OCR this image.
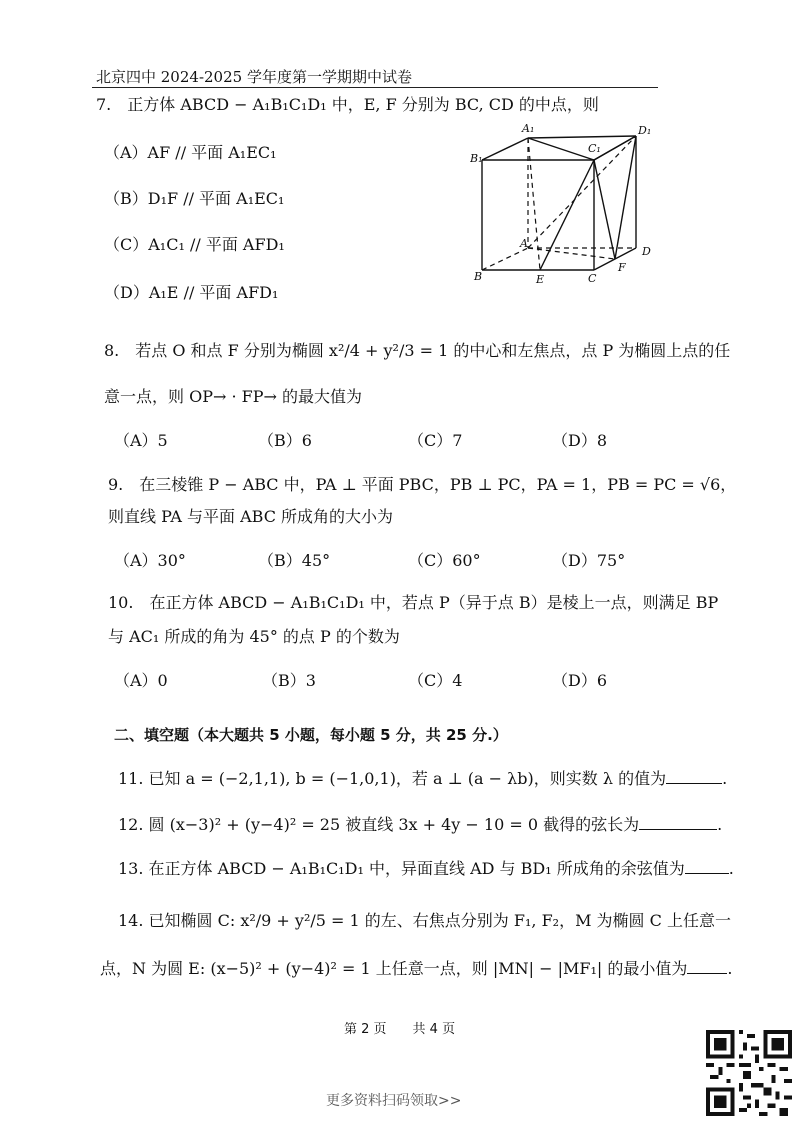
北京四中 2024-2025 学年度第一学期期中试卷
7.　正方体 ABCD − A₁B₁C₁D₁ 中，E, F 分别为 BC, CD 的中点，则
（A）AF // 平面 A₁EC₁
（B）D₁F // 平面 A₁EC₁
（C）A₁C₁ // 平面 AFD₁
（D）A₁E // 平面 AFD₁
A₁	D₁
B₁
C₁
A
B	E	C
F
D
8.　若点 O 和点 F 分别为椭圆 x²/4 + y²/3 = 1 的中心和左焦点，点 P 为椭圆上点的任
意一点，则 OP→ · FP→ 的最大值为
（A）5	（B）6	（C）7	（D）8
9.　在三棱锥 P − ABC 中，PA ⊥ 平面 PBC，PB ⊥ PC，PA = 1，PB = PC = √6，
则直线 PA 与平面 ABC 所成角的大小为
（A）30°	（B）45°	（C）60°	（D）75°
10.　在正方体 ABCD − A₁B₁C₁D₁ 中，若点 P（异于点 B）是棱上一点，则满足 BP
与 AC₁ 所成的角为 45° 的点 P 的个数为
（A）0	（B）3	（C）4	（D）6
二、填空题（本大题共 5 小题，每小题 5 分，共 25 分.）
11. 已知 a = (−2,1,1), b = (−1,0,1)，若 a ⊥ (a − λb)，则实数 λ 的值为	.
12. 圆 (x−3)² + (y−4)² = 25 被直线 3x + 4y − 10 = 0 截得的弦长为	.
13. 在正方体 ABCD − A₁B₁C₁D₁ 中，异面直线 AD 与 BD₁ 所成角的余弦值为	.
14. 已知椭圆 C: x²/9 + y²/5 = 1 的左、右焦点分别为 F₁, F₂，M 为椭圆 C 上任意一
点，N 为圆 E: (x−5)² + (y−4)² = 1 上任意一点，则 |MN| − |MF₁| 的最小值为	.
第 2 页　　共 4 页
更多资料扫码领取>>
